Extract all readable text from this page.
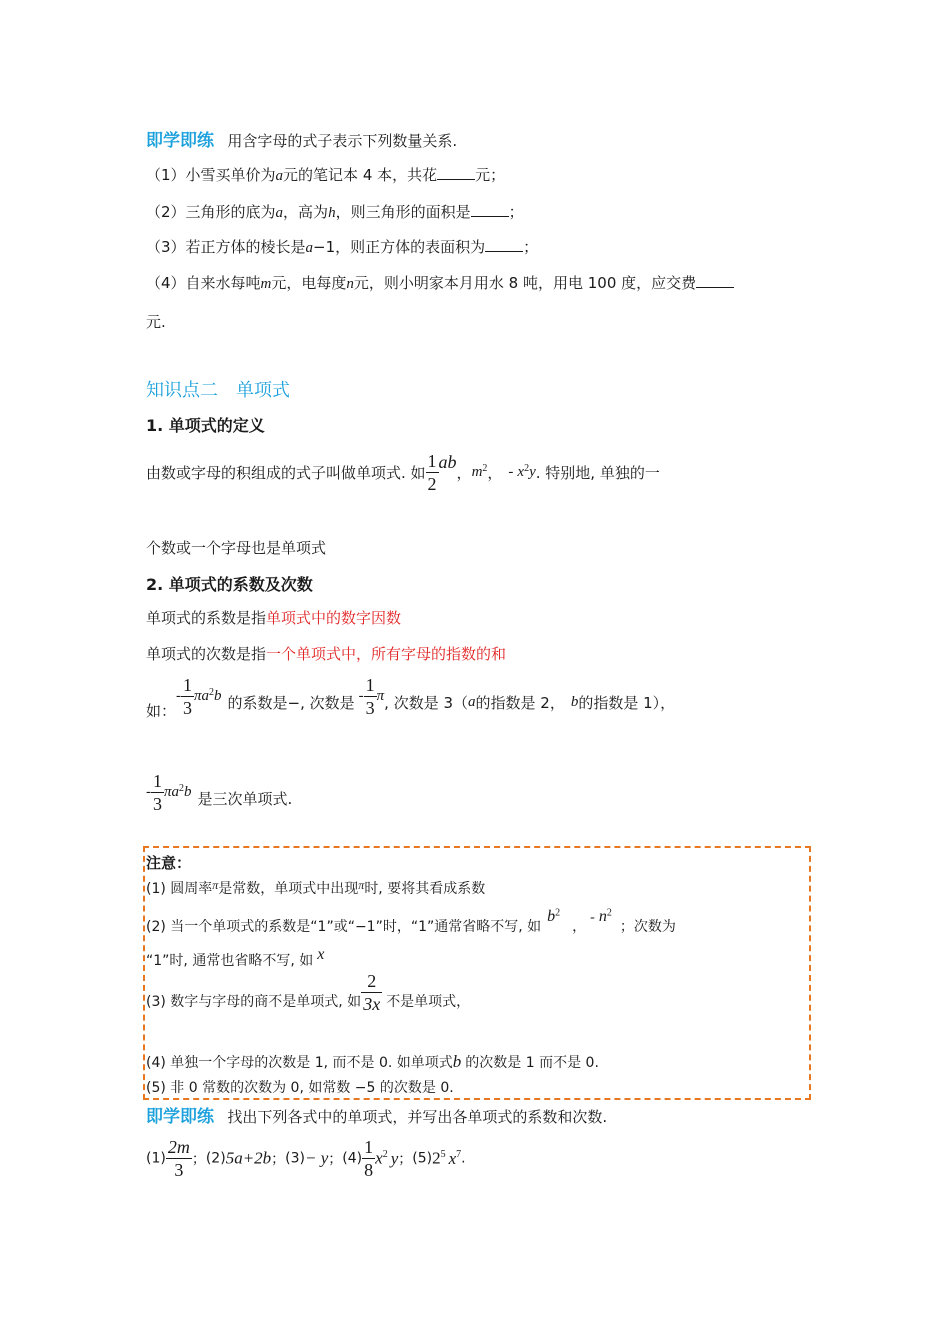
即学即练 用含字母的式子表示下列数量关系.
（1）小雪买单价为a元的笔记本 4 本，共花	元；
（2）三角形的底为a，高为h，则三角形的面积是	；
（3）若正方体的棱长是a−1，则正方体的表面积为	；
（4）自来水每吨m元，电每度n元，则小明家本月用水 8 吨，用电 100 度，应交费
元.
知识点二　单项式
1. 单项式的定义
由数或字母的积组成的式子叫做单项式. 如 $\frac{1}{2}$ ab，$m^2$， - $x^2y$. 特别地, 单独的一
个数或一个字母也是单项式
2. 单项式的系数及次数
单项式的系数是指单项式中的数字因数
单项式的次数是指一个单项式中，所有字母的指数的和
如：- $\frac{1}{3} \pi a^2b$ 的系数是−, 次数是 - $\frac{1}{3} \pi$, 次数是 3（a的指数是 2， b的指数是 1），
- $\frac{1}{3} \pi a^2b$ 是三次单项式.
注意：
(1) 圆周率π是常数，单项式中出现π时, 要将其看成系数
(2) 当一个单项式的系数是“1”或“−1”时，“1”通常省略不写, 如$b^2$，- $n^2$；次数为
“1”时, 通常也省略不写, 如 x
(3) 数字与字母的商不是单项式, 如 $\frac{2}{3x}$ 不是单项式，
(4) 单独一个字母的次数是 1, 而不是 0. 如单项式b 的次数是 1 而不是 0.
(5) 非 0 常数的次数为 0, 如常数 −5 的次数是 0.
即学即练 找出下列各式中的单项式，并写出各单项式的系数和次数.
$(1) \frac{2m}{3}$ ；(2)5a+2b；(3)− y；$(4) \frac{1}{8} x^2$ y；$(5)2^5$ $x^7$.
